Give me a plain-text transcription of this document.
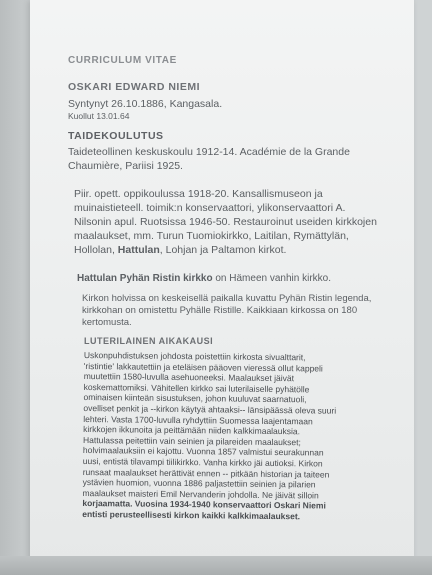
CURRICULUM VITAE
OSKARI EDWARD NIEMI
Syntynyt 26.10.1886, Kangasala.
Kuollut 13.01.64
TAIDEKOULUTUS
Taideteollinen keskuskoulu 1912-14. Académie de la Grande
Chaumière, Pariisi 1925.
Piir. opett. oppikoulussa 1918-20. Kansallismuseon ja
muinaistieteell. toimik:n konservaattori, ylikonservaattori A.
Nilsonin apul. Ruotsissa 1946-50. Restauroinut useiden kirkkojen
maalaukset, mm. Turun Tuomiokirkko, Laitilan, Rymättylän,
Hollolan, Hattulan, Lohjan ja Paltamon kirkot.
Hattulan Pyhän Ristin kirkko on Hämeen vanhin kirkko.
Kirkon holvissa on keskeisellä paikalla kuvattu Pyhän Ristin legenda,
kirkkohan on omistettu Pyhälle Ristille. Kaikkiaan kirkossa on 180
kertomusta.
LUTERILAINEN AIKAKAUSI
Uskonpuhdistuksen johdosta poistettiin kirkosta sivualttarit,
'ristintie' lakkautettiin ja eteläisen pääoven vieressä ollut kappeli
muutettiin 1580-luvulla asehuoneeksi. Maalaukset jäivät
koskemattomiksi. Vähitellen kirkko sai luterilaiselle pyhätölle
ominaisen kiinteän sisustuksen, johon kuuluvat saarnatuoli,
ovelliset penkit ja --kirkon käytyä ahtaaksi-- länsipäässä oleva suuri
lehteri. Vasta 1700-luvulla ryhdyttiin Suomessa laajentamaan
kirkkojen ikkunoita ja peittämään niiden kalkkimaalauksia.
Hattulassa peitettiin vain seinien ja pilareiden maalaukset;
holvimaalauksiin ei kajottu. Vuonna 1857 valmistui seurakunnan
uusi, entistä tilavampi tiilikirkko. Vanha kirkko jäi autioksi. Kirkon
runsaat maalaukset herättivät ennen -- pitkään historian ja taiteen
ystävien huomion, vuonna 1886 paljastettiin seinien ja pilarien
maalaukset maisteri Emil Nervanderin johdolla. Ne jäivät silloin
korjaamatta. Vuosina 1934-1940 konservaattori Oskari Niemi
entisti perusteellisesti kirkon kaikki kalkkimaalaukset.
